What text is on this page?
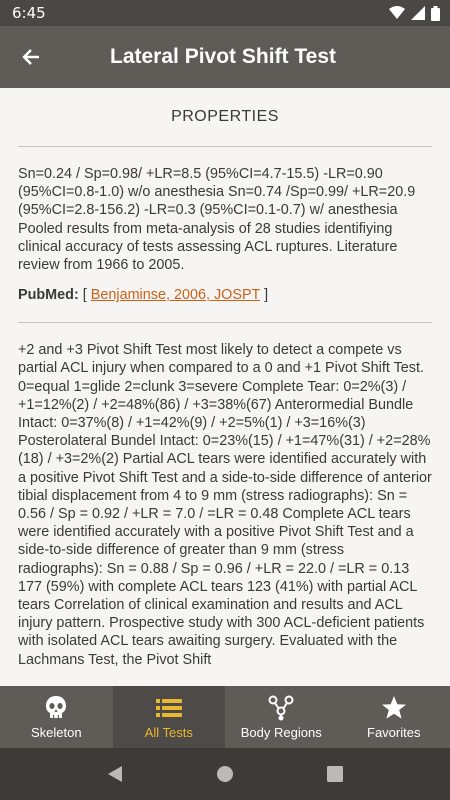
6:45
Lateral Pivot Shift Test
PROPERTIES

Sn=0.24 / Sp=0.98/ +LR=8.5 (95%CI=4.7-15.5) -LR=0.90 (95%CI=0.8-1.0) w/o anesthesia Sn=0.74 /Sp=0.99/ +LR=20.9 (95%CI=2.8-156.2) -LR=0.3 (95%CI=0.1-0.7) w/ anesthesia Pooled results from meta-analysis of 28 studies identifiying clinical accuracy of tests assessing ACL ruptures. Literature review from 1966 to 2005.

PubMed: [ Benjaminse, 2006, JOSPT ]

+2 and +3 Pivot Shift Test most likely to detect a compete vs partial ACL injury when compared to a 0 and +1 Pivot Shift Test. 0=equal 1=glide 2=clunk 3=severe Complete Tear: 0=2%(3) / +1=12%(2) / +2=48%(86) / +3=38%(67) Anterormedial Bundle Intact: 0=37%(8) / +1=42%(9) / +2=5%(1) / +3=16%(3) Posterolateral Bundel Intact: 0=23%(15) / +1=47%(31) / +2=28%(18) / +3=2%(2) Partial ACL tears were identified accurately with a positive Pivot Shift Test and a side-to-side difference of anterior tibial displacement from 4 to 9 mm (stress radiographs): Sn = 0.56 / Sp = 0.92 / +LR = 7.0 / =LR = 0.48 Complete ACL tears were identified accurately with a positive Pivot Shift Test and a side-to-side difference of greater than 9 mm (stress radiographs): Sn = 0.88 / Sp = 0.96 / +LR = 22.0 / =LR = 0.13 177 (59%) with complete ACL tears 123 (41%) with partial ACL tears Correlation of clinical examination and results and ACL injury pattern. Prospective study with 300 ACL-deficient patients with isolated ACL tears awaiting surgery. Evaluated with the Lachmans Test, the Pivot Shift

Skeleton	All Tests	Body Regions	Favorites
